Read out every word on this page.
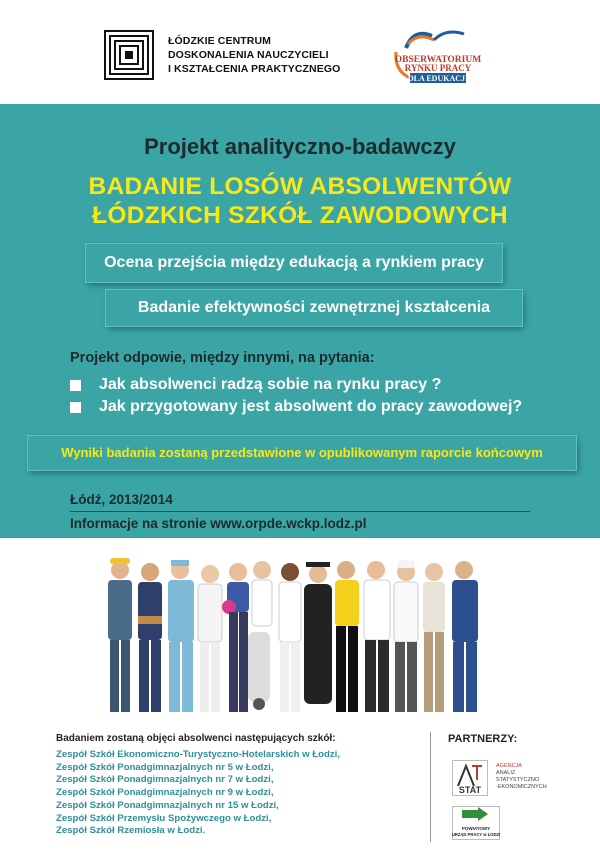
ŁÓDZKIE CENTRUM
DOSKONALENIA NAUCZYCIELI
I KSZTAŁCENIA PRAKTYCZNEGO
OBSERWATORIUM
RYNKU PRACY
DLA EDUKACJI
Projekt analityczno-badawczy
BADANIE LOSÓW ABSOLWENTÓW
ŁÓDZKICH SZKÓŁ ZAWODOWYCH
Ocena przejścia między edukacją a rynkiem pracy
Badanie efektywności zewnętrznej kształcenia
Projekt odpowie, między innymi, na pytania:
Jak absolwenci radzą sobie na rynku pracy ?
Jak przygotowany jest absolwent do pracy zawodowej?
Wyniki badania zostaną przedstawione w opublikowanym raporcie końcowym
Łódź, 2013/2014
Informacje na stronie www.orpde.wckp.lodz.pl
Badaniem zostaną objęci absolwenci następujących szkół:
Zespół Szkół Ekonomiczno-Turystyczno-Hotelarskich w Łodzi,
Zespół Szkół Ponadgimnazjalnych nr 5 w Łodzi,
Zespół Szkół Ponadgimnazjalnych nr 7 w Łodzi,
Zespół Szkół Ponadgimnazjalnych nr 9 w Łodzi,
Zespół Szkół Ponadgimnazjalnych nr 15 w Łodzi,
Zespół Szkół Przemysłu Spożywczego w Łodzi,
Zespół Szkół Rzemiosła w Łodzi.
PARTNERZY:
STAT
AGENCJA
ANALIZ
STATYSTYCZNO
-EKONOMICZNYCH
POWIATOWY
URZĄD PRACY w ŁODZI
